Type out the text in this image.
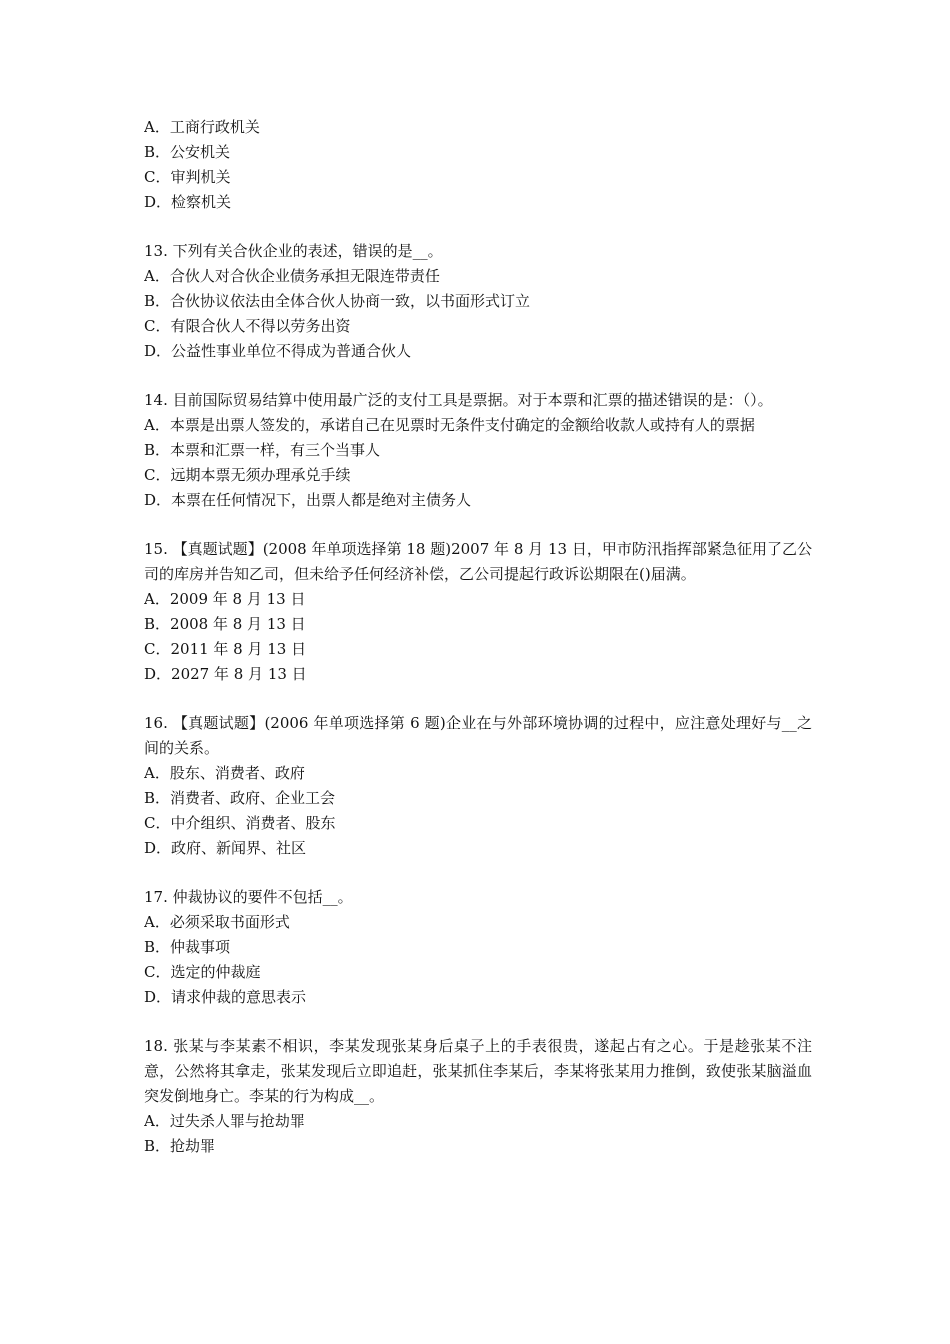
A．工商行政机关
B．公安机关
C．审判机关
D．检察机关
13. 下列有关合伙企业的表述，错误的是__。
A．合伙人对合伙企业债务承担无限连带责任
B．合伙协议依法由全体合伙人协商一致，以书面形式订立
C．有限合伙人不得以劳务出资
D．公益性事业单位不得成为普通合伙人
14. 目前国际贸易结算中使用最广泛的支付工具是票据。对于本票和汇票的描述错误的是：（）。
A．本票是出票人签发的，承诺自己在见票时无条件支付确定的金额给收款人或持有人的票据
B．本票和汇票一样，有三个当事人
C．远期本票无须办理承兑手续
D．本票在任何情况下，出票人都是绝对主债务人
15. 【真题试题】(2008 年单项选择第 18 题)2007 年 8 月 13 日，甲市防汛指挥部紧急征用了乙公司的库房并告知乙司，但未给予任何经济补偿，乙公司提起行政诉讼期限在()届满。
A．2009 年 8 月 13 日
B．2008 年 8 月 13 日
C．2011 年 8 月 13 日
D．2027 年 8 月 13 日
16. 【真题试题】(2006 年单项选择第 6 题)企业在与外部环境协调的过程中，应注意处理好与__之间的关系。
A．股东、消费者、政府
B．消费者、政府、企业工会
C．中介组织、消费者、股东
D．政府、新闻界、社区
17. 仲裁协议的要件不包括__。
A．必须采取书面形式
B．仲裁事项
C．选定的仲裁庭
D．请求仲裁的意思表示
18. 张某与李某素不相识，李某发现张某身后桌子上的手表很贵，遂起占有之心。于是趁张某不注意，公然将其拿走，张某发现后立即追赶，张某抓住李某后，李某将张某用力推倒，致使张某脑溢血突发倒地身亡。李某的行为构成__。
A．过失杀人罪与抢劫罪
B．抢劫罪
